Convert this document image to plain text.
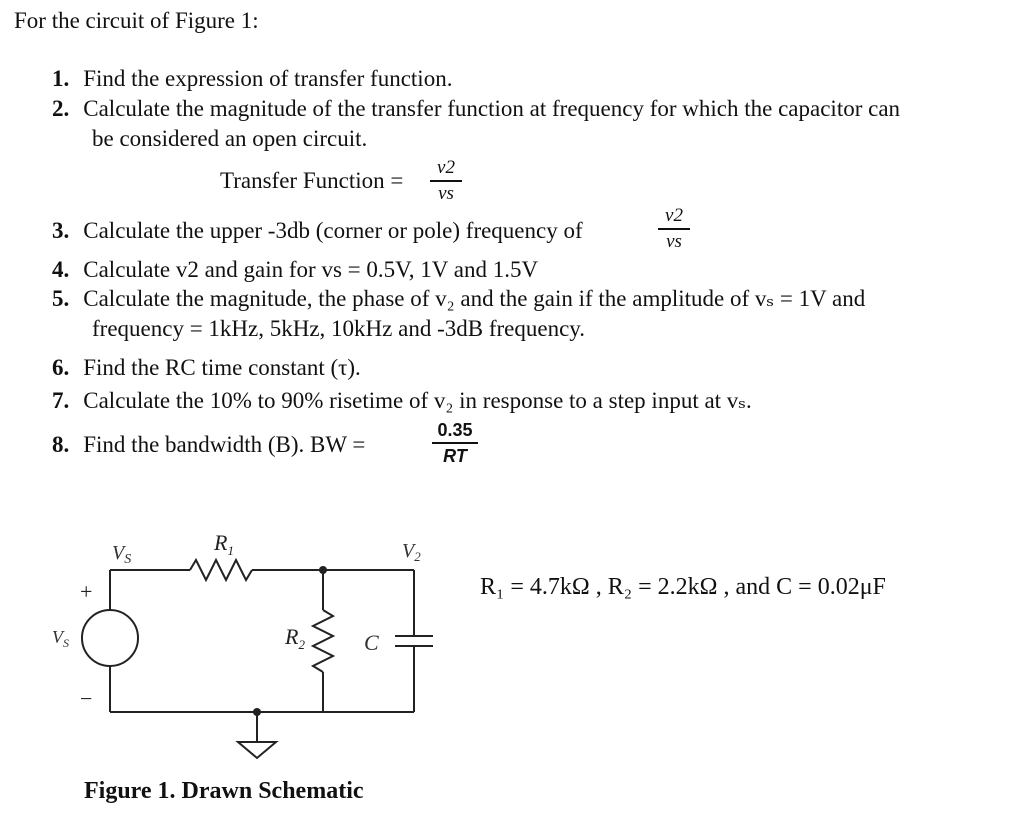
For the circuit of Figure 1:
1. Find the expression of transfer function.
2. Calculate the magnitude of the transfer function at frequency for which the capacitor can
be considered an open circuit.
Transfer Function =
v2
vs
3. Calculate the upper -3db (corner or pole) frequency of
v2
vs
4. Calculate v2 and gain for vs = 0.5V, 1V and 1.5V
5. Calculate the magnitude, the phase of v₂ and the gain if the amplitude of vₛ = 1V and
frequency = 1kHz, 5kHz, 10kHz and -3dB frequency.
6. Find the RC time constant (τ).
7. Calculate the 10% to 90% risetime of v₂ in response to a step input at vₛ.
8. Find the bandwidth (B). BW =
0.35
RT
$V_S$
$R_1$	$V_2$
+
−
$V_S$	$R_2$	C
R₁ = 4.7kΩ , R₂ = 2.2kΩ , and C = 0.02μF
Figure 1. Drawn Schematic
